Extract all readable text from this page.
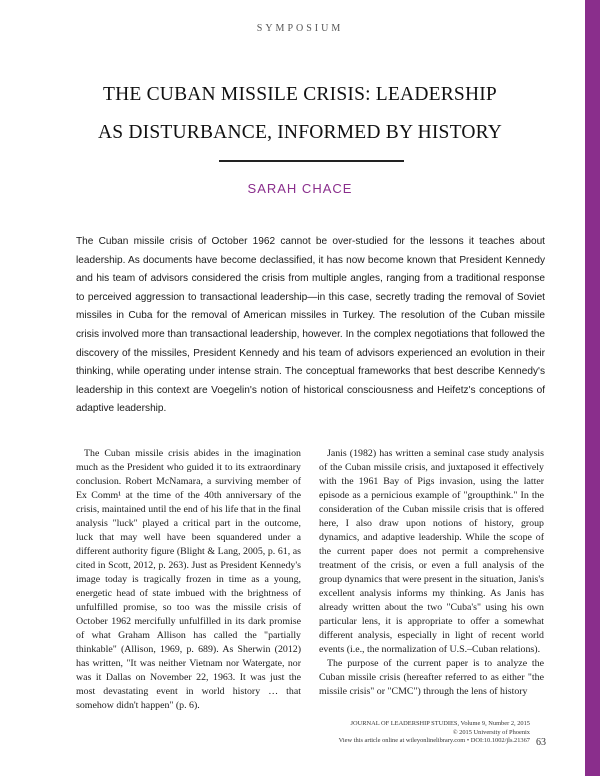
SYMPOSIUM
THE CUBAN MISSILE CRISIS: LEADERSHIP
AS DISTURBANCE, INFORMED BY HISTORY
SARAH CHACE

The Cuban missile crisis of October 1962 cannot be over-studied for the lessons it teaches about leadership. As documents have become declassified, it has now become known that President Kennedy and his team of advisors considered the crisis from multiple angles, ranging from a traditional response to perceived aggression to transactional leadership—in this case, secretly trading the removal of Soviet missiles in Cuba for the removal of American missiles in Turkey. The resolution of the Cuban missile crisis involved more than transactional leadership, however. In the complex negotiations that followed the discovery of the missiles, President Kennedy and his team of advisors experienced an evolution in their thinking, while operating under intense strain. The conceptual frameworks that best describe Kennedy's leadership in this context are Voegelin's notion of historical consciousness and Heifetz's conceptions of adaptive leadership.

The Cuban missile crisis abides in the imagination much as the President who guided it to its extraordinary conclusion. Robert McNamara, a surviving member of Ex Comm¹ at the time of the 40th anniversary of the crisis, maintained until the end of his life that in the final analysis "luck" played a critical part in the outcome, luck that may well have been squandered under a different authority figure (Blight & Lang, 2005, p. 61, as cited in Scott, 2012, p. 263). Just as President Kennedy's image today is tragically frozen in time as a young, energetic head of state imbued with the brightness of unfulfilled promise, so too was the missile crisis of October 1962 mercifully unfulfilled in its dark promise of what Graham Allison has called the "partially thinkable" (Allison, 1969, p. 689). As Sherwin (2012) has written, "It was neither Vietnam nor Watergate, nor was it Dallas on November 22, 1963. It was just the most devastating event in world history … that somehow didn't happen" (p. 6).

Janis (1982) has written a seminal case study analysis of the Cuban missile crisis, and juxtaposed it effectively with the 1961 Bay of Pigs invasion, using the latter episode as a pernicious example of "groupthink." In the consideration of the Cuban missile crisis that is offered here, I also draw upon notions of history, group dynamics, and adaptive leadership. While the scope of the current paper does not permit a comprehensive treatment of the crisis, or even a full analysis of the group dynamics that were present in the situation, Janis's excellent analysis informs my thinking. As Janis has already written about the two "Cuba's" using his own particular lens, it is appropriate to offer a somewhat different analysis, especially in light of recent world events (i.e., the normalization of U.S.–Cuban relations).

The purpose of the current paper is to analyze the Cuban missile crisis (hereafter referred to as either "the missile crisis" or "CMC") through the lens of history

JOURNAL OF LEADERSHIP STUDIES, Volume 9, Number 2, 2015
© 2015 University of Phoenix
View this article online at wileyonlinelibrary.com • DOI:10.1002/jls.21367 63
